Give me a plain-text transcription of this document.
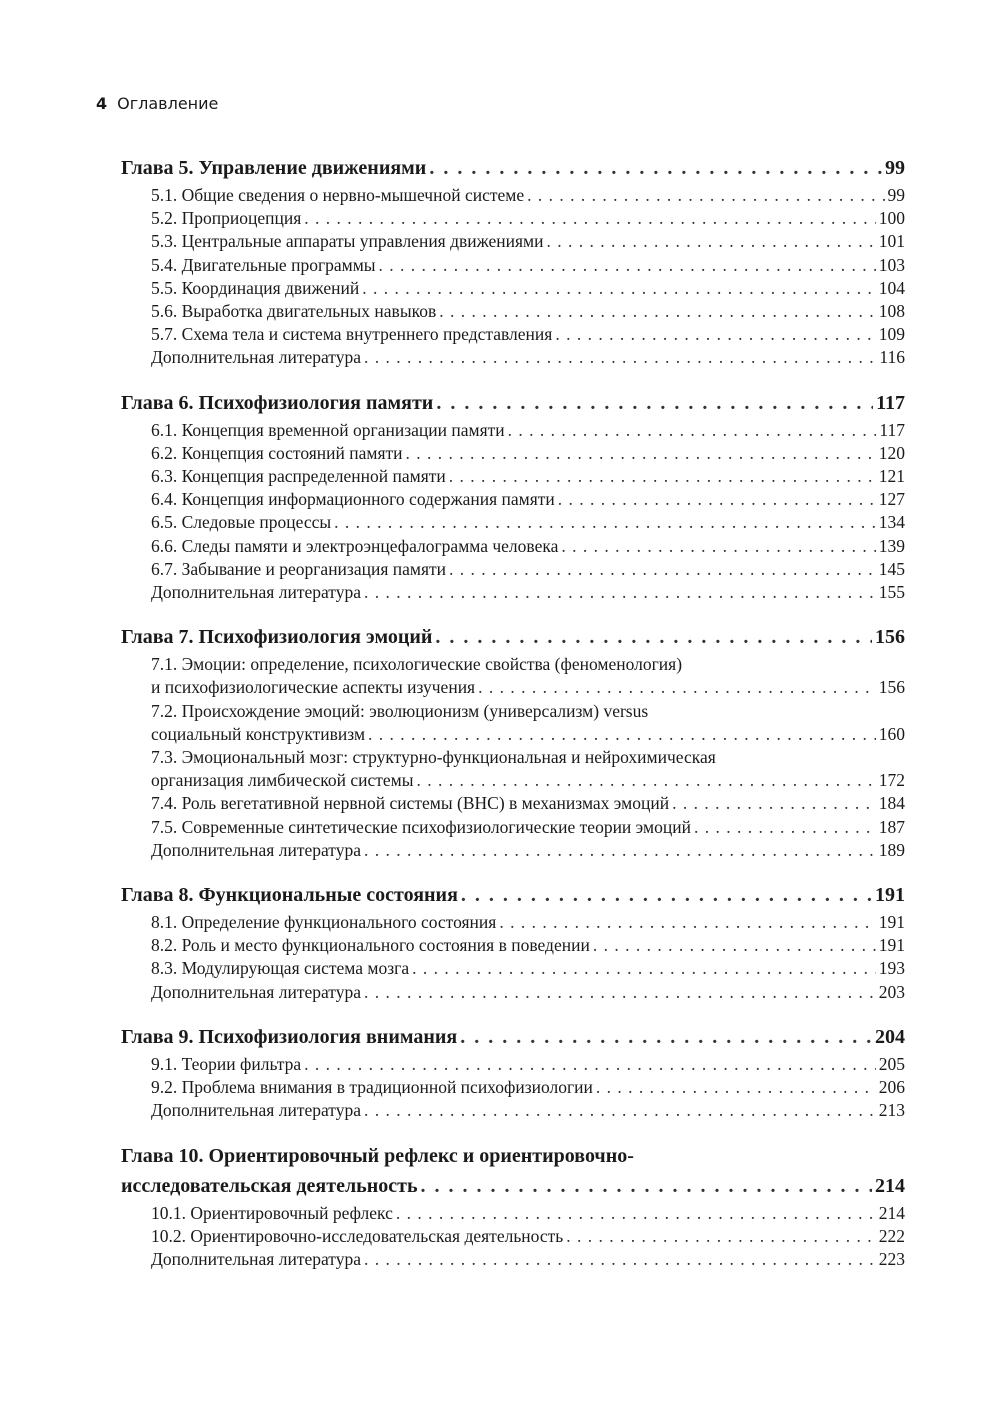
4 Оглавление
Глава 5. Управление движениями . . .	99
5.1. Общие сведения о нервно-мышечной системе . . .	99
5.2. Проприоцепция . . .	100
5.3. Центральные аппараты управления движениями . . .	101
5.4. Двигательные программы . . .	103
5.5. Координация движений . . .	104
5.6. Выработка двигательных навыков . . .	108
5.7. Схема тела и система внутреннего представления . . .	109
Дополнительная литература . . .	116
Глава 6. Психофизиология памяти . . .	117
6.1. Концепция временной организации памяти . . .	117
6.2. Концепция состояний памяти . . .	120
6.3. Концепция распределенной памяти . . .	121
6.4. Концепция информационного содержания памяти . . .	127
6.5. Следовые процессы . . .	134
6.6. Следы памяти и электроэнцефалограмма человека . . .	139
6.7. Забывание и реорганизация памяти . . .	145
Дополнительная литература . . .	155
Глава 7. Психофизиология эмоций . . .	156
7.1. Эмоции: определение, психологические свойства (феноменология)
и психофизиологические аспекты изучения . . .	156
7.2. Происхождение эмоций: эволюционизм (универсализм) versus
социальный конструктивизм . . .	160
7.3. Эмоциональный мозг: структурно-функциональная и нейрохимическая
организация лимбической системы . . .	172
7.4. Роль вегетативной нервной системы (ВНС) в механизмах эмоций . . .	184
7.5. Современные синтетические психофизиологические теории эмоций . . .	187
Дополнительная литература . . .	189
Глава 8. Функциональные состояния . . .	191
8.1. Определение функционального состояния . . .	191
8.2. Роль и место функционального состояния в поведении . . .	191
8.3. Модулирующая система мозга . . .	193
Дополнительная литература . . .	203
Глава 9. Психофизиология внимания . . .	204
9.1. Теории фильтра . . .	205
9.2. Проблема внимания в традиционной психофизиологии . . .	206
Дополнительная литература . . .	213
Глава 10. Ориентировочный рефлекс и ориентировочно-
исследовательская деятельность . . .	214
10.1. Ориентировочный рефлекс . . .	214
10.2. Ориентировочно-исследовательская деятельность . . .	222
Дополнительная литература . . .	223
